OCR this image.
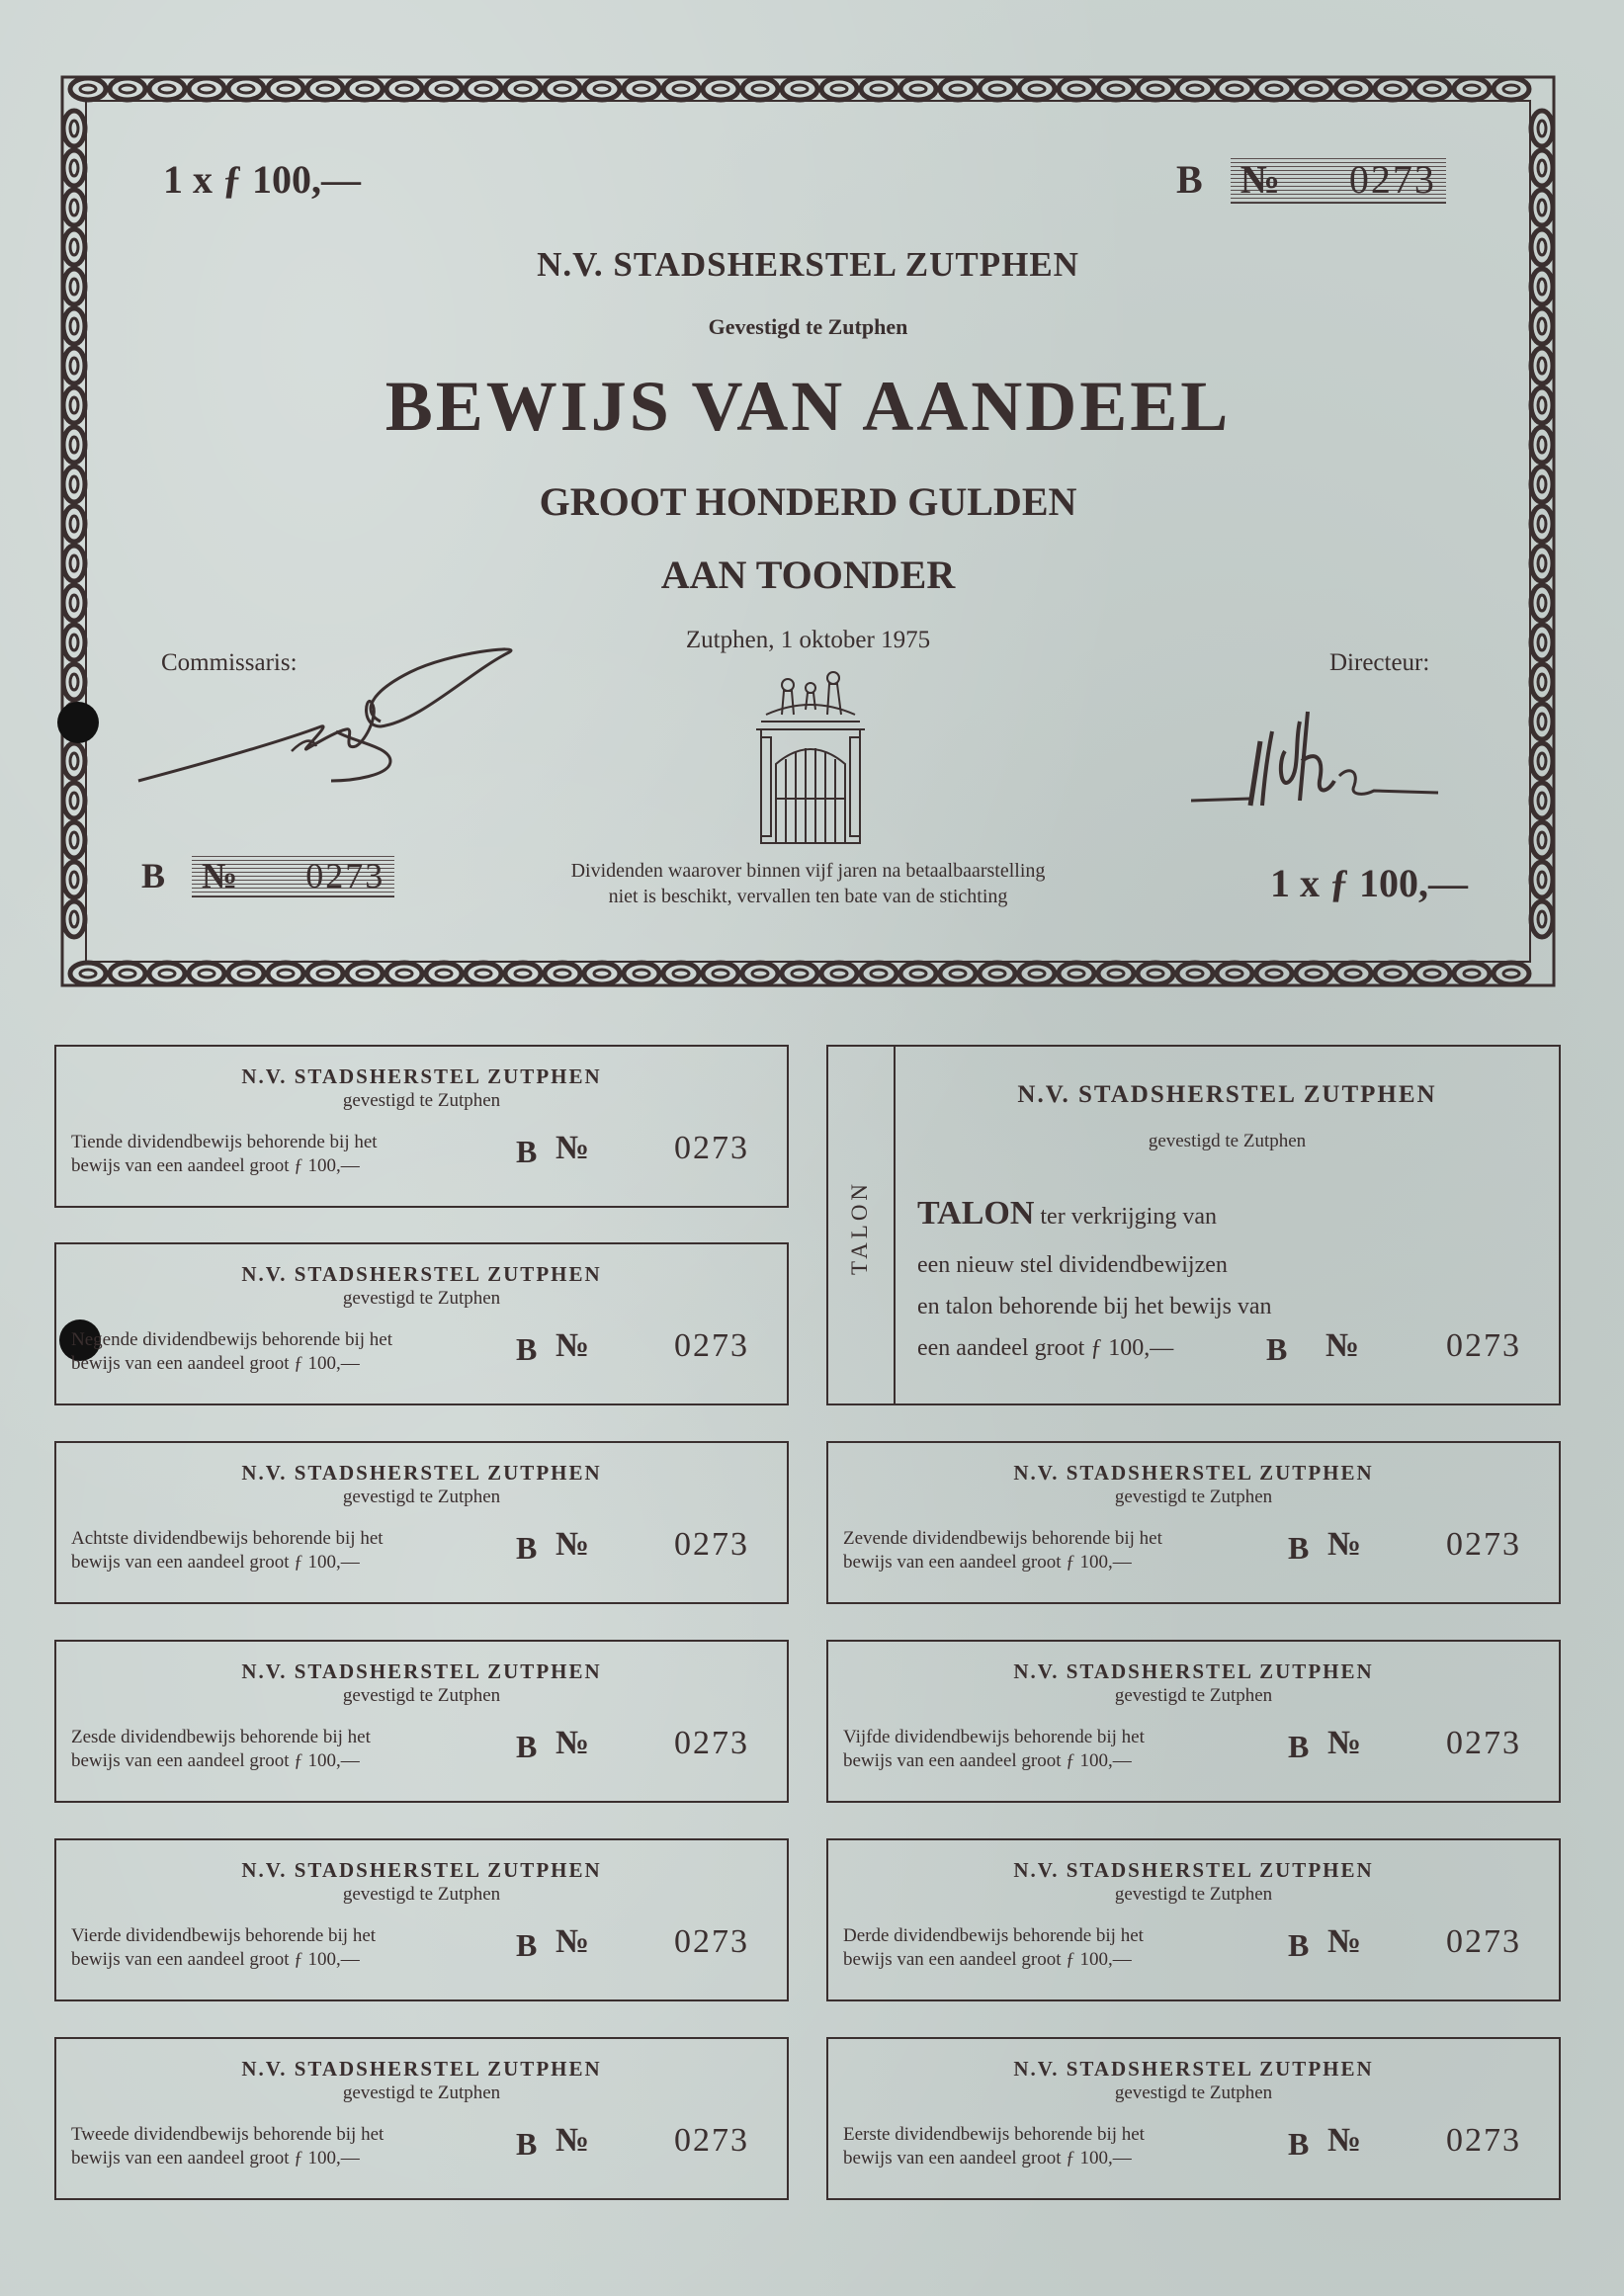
1 x ƒ 100,—	B № 0273
N.V. STADSHERSTEL ZUTPHEN
Gevestigd te Zutphen
BEWIJS VAN AANDEEL
GROOT HONDERD GULDEN
AAN TOONDER
Zutphen, 1 oktober 1975
Commissaris:	Directeur:
B № 0273	Dividenden waarover binnen vijf jaren na betaalbaarstelling
niet is beschikt, vervallen ten bate van de stichting	1 x ƒ 100,—
N.V. STADSHERSTEL ZUTPHEN
gevestigd te Zutphen
Tiende dividendbewijs behorende bij het
bewijs van een aandeel groot ƒ 100,—	B №	0273
N.V. STADSHERSTEL ZUTPHEN
gevestigd te Zutphen
Negende dividendbewijs behorende bij het
bewijs van een aandeel groot ƒ 100,—	B №	0273
N.V. STADSHERSTEL ZUTPHEN
gevestigd te Zutphen
Achtste dividendbewijs behorende bij het
bewijs van een aandeel groot ƒ 100,—	B №	0273
N.V. STADSHERSTEL ZUTPHEN
gevestigd te Zutphen
Zevende dividendbewijs behorende bij het
bewijs van een aandeel groot ƒ 100,—	B №	0273
N.V. STADSHERSTEL ZUTPHEN
gevestigd te Zutphen
Zesde dividendbewijs behorende bij het
bewijs van een aandeel groot ƒ 100,—	B №	0273
N.V. STADSHERSTEL ZUTPHEN
gevestigd te Zutphen
Vijfde dividendbewijs behorende bij het
bewijs van een aandeel groot ƒ 100,—	B №	0273
N.V. STADSHERSTEL ZUTPHEN
gevestigd te Zutphen
Vierde dividendbewijs behorende bij het
bewijs van een aandeel groot ƒ 100,—	B №	0273
N.V. STADSHERSTEL ZUTPHEN
gevestigd te Zutphen
Derde dividendbewijs behorende bij het
bewijs van een aandeel groot ƒ 100,—	B №	0273
N.V. STADSHERSTEL ZUTPHEN
gevestigd te Zutphen
Tweede dividendbewijs behorende bij het
bewijs van een aandeel groot ƒ 100,—	B №	0273
N.V. STADSHERSTEL ZUTPHEN
gevestigd te Zutphen
Eerste dividendbewijs behorende bij het
bewijs van een aandeel groot ƒ 100,—	B №	0273
TALON
N.V. STADSHERSTEL ZUTPHEN
gevestigd te Zutphen
TALON ter verkrijging van
een nieuw stel dividendbewijzen
en talon behorende bij het bewijs van
een aandeel groot ƒ 100,—	B №	0273
